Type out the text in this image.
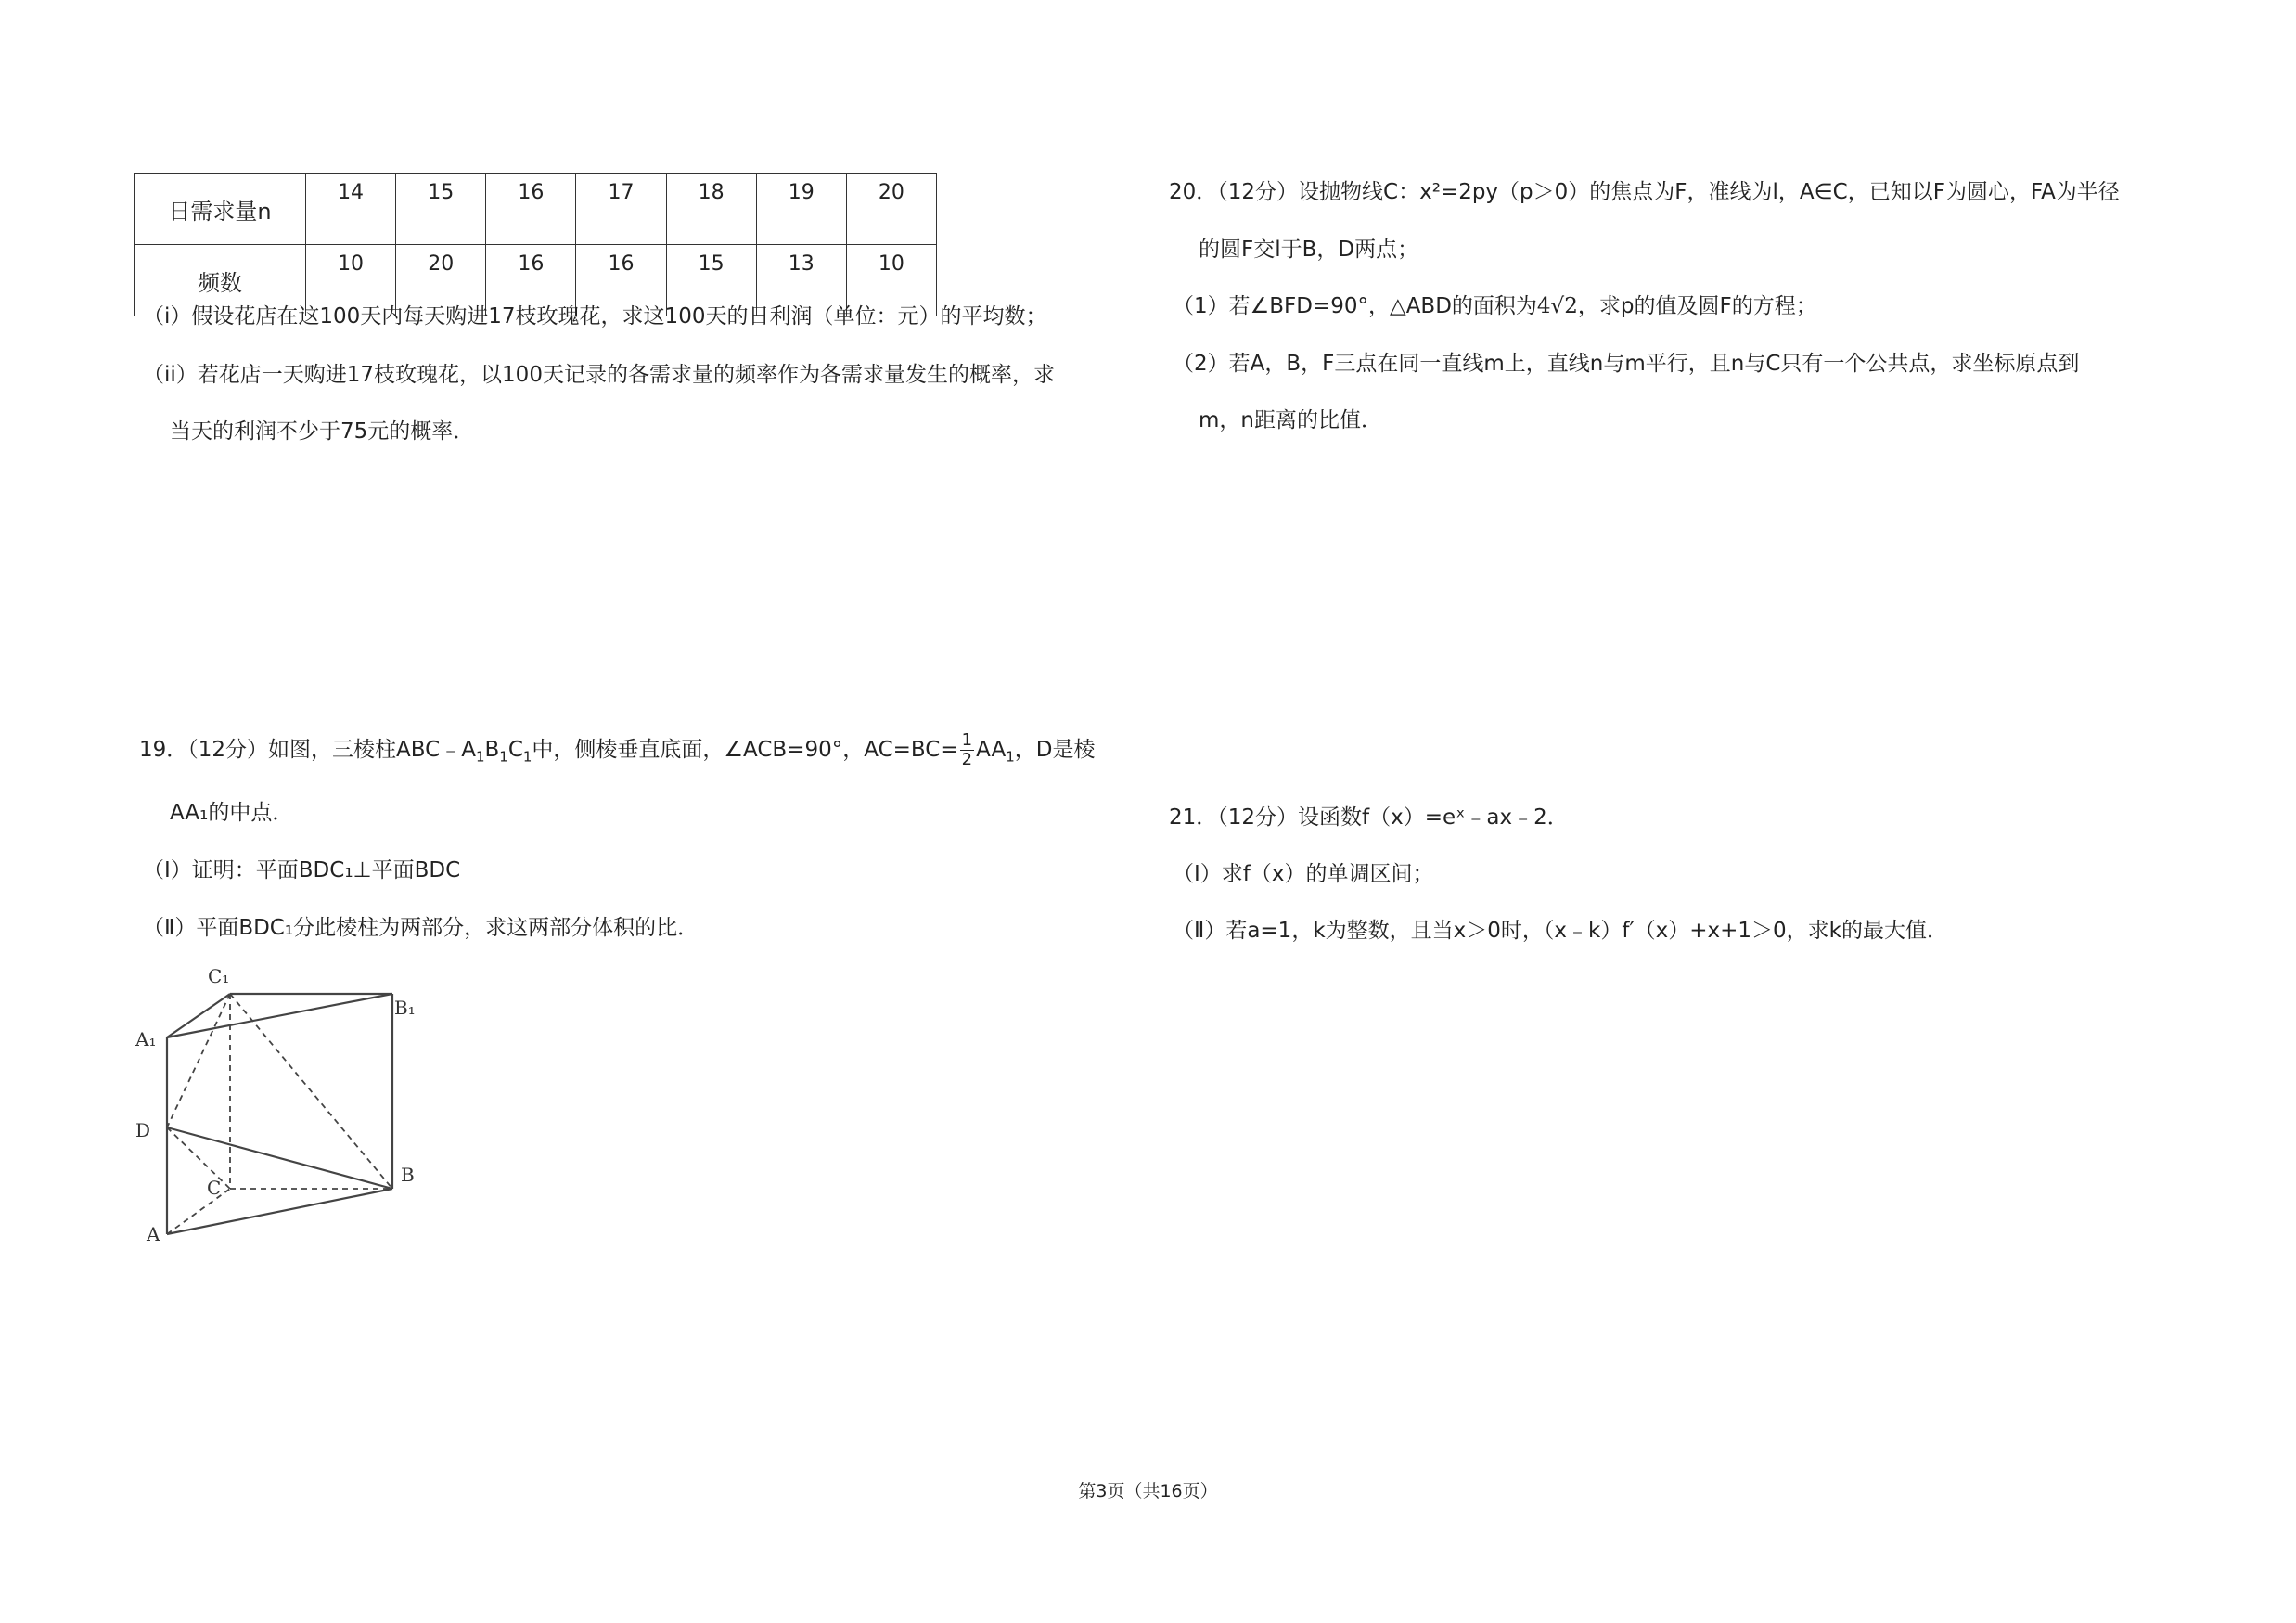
日需求量n	14	15	16	17	18	19	20
频数	10	20	16	16	15	13	10
（i）假设花店在这100天内每天购进17枝玫瑰花，求这100天的日利润（单位：元）的平均数；
（ii）若花店一天购进17枝玫瑰花，以100天记录的各需求量的频率作为各需求量发生的概率，求
当天的利润不少于75元的概率．
19．（12分）如图，三棱柱$ABC﹣A_1B_1C_1$中，侧棱垂直底面，∠ACB=90°，$AC=BC= \frac{1}{2} AA_1$，D是棱
AA₁的中点．
（Ⅰ）证明：平面BDC₁⊥平面BDC
（Ⅱ）平面BDC₁分此棱柱为两部分，求这两部分体积的比．
C₁
B₁
A₁
D
C
B
A
20．（12分）设抛物线C：x²=2py（p＞0）的焦点为F，准线为l，A∈C，已知以F为圆心，FA为半径
的圆F交l于B，D两点；
（1）若∠BFD=90°，△ABD的面积为4√2，求p的值及圆F的方程；
（2）若A，B，F三点在同一直线m上，直线n与m平行，且n与C只有一个公共点，求坐标原点到
m，n距离的比值．
21．（12分）设函数f（x）=eˣ﹣ax﹣2．
（Ⅰ）求f（x）的单调区间；
（Ⅱ）若a=1，k为整数，且当x＞0时，（x﹣k）f′（x）+x+1＞0，求k的最大值．
第3页（共16页）
